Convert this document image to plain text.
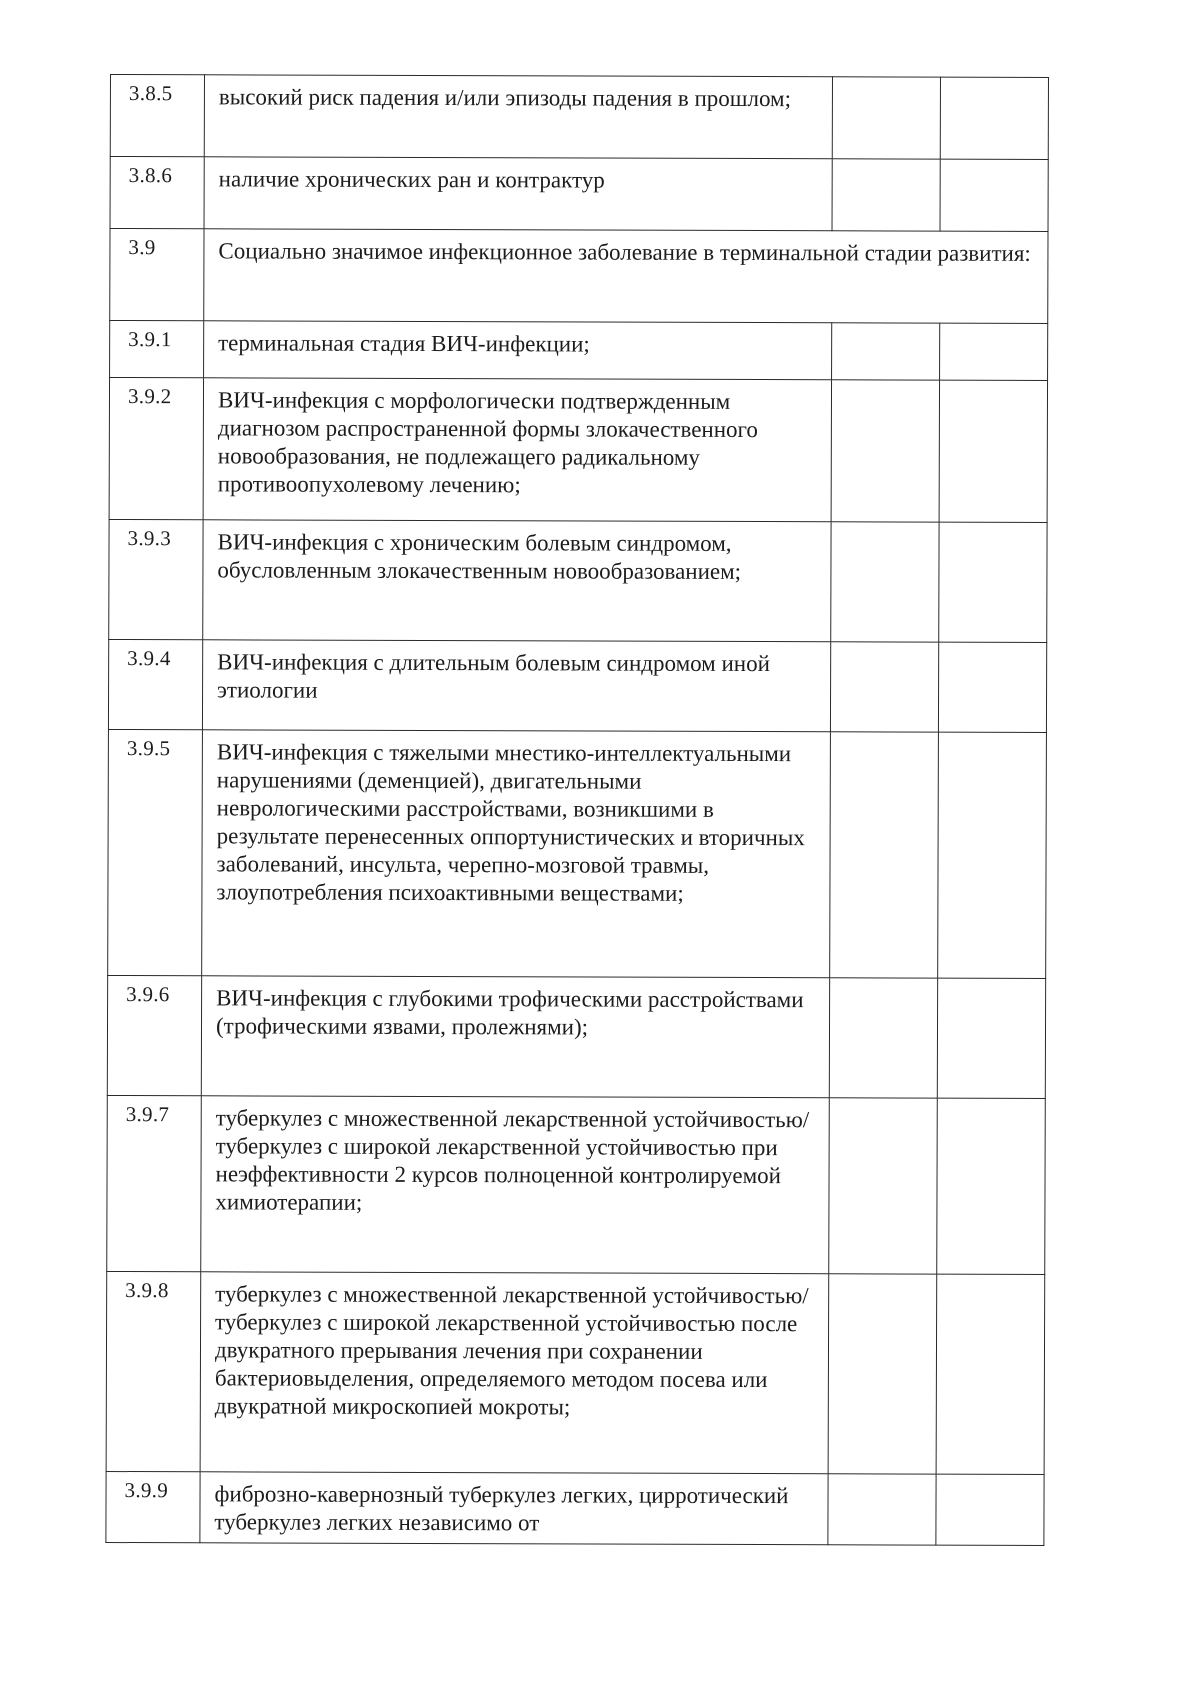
3.8.5	высокий риск падения и/или эпизоды падения в прошлом;		
3.8.6	наличие хронических ран и контрактур		
3.9	Социально значимое инфекционное заболевание в терминальной стадии развития:		
3.9.1	терминальная стадия ВИЧ-инфекции;		
3.9.2	ВИЧ-инфекция с морфологически подтвержденным диагнозом распространенной формы злокачественного новообразования, не подлежащего радикальному противоопухолевому лечению;		
3.9.3	ВИЧ-инфекция с хроническим болевым синдромом, обусловленным злокачественным новообразованием;		
3.9.4	ВИЧ-инфекция с длительным болевым синдромом иной этиологии		
3.9.5	ВИЧ-инфекция с тяжелыми мнестико-интеллектуальными нарушениями (деменцией), двигательными неврологическими расстройствами, возникшими в результате перенесенных оппортунистических и вторичных заболеваний, инсульта, черепно-мозговой травмы, злоупотребления психоактивными веществами;		
3.9.6	ВИЧ-инфекция с глубокими трофическими расстройствами (трофическими язвами, пролежнями);		
3.9.7	туберкулез с множественной лекарственной устойчивостью/туберкулез с широкой лекарственной устойчивостью при неэффективности 2 курсов полноценной контролируемой химиотерапии;		
3.9.8	туберкулез с множественной лекарственной устойчивостью/туберкулез с широкой лекарственной устойчивостью после двукратного прерывания лечения при сохранении бактериовыделения, определяемого методом посева или двукратной микроскопией мокроты;		
3.9.9	фиброзно-кавернозный туберкулез легких, цирротический туберкулез легких независимо от		
